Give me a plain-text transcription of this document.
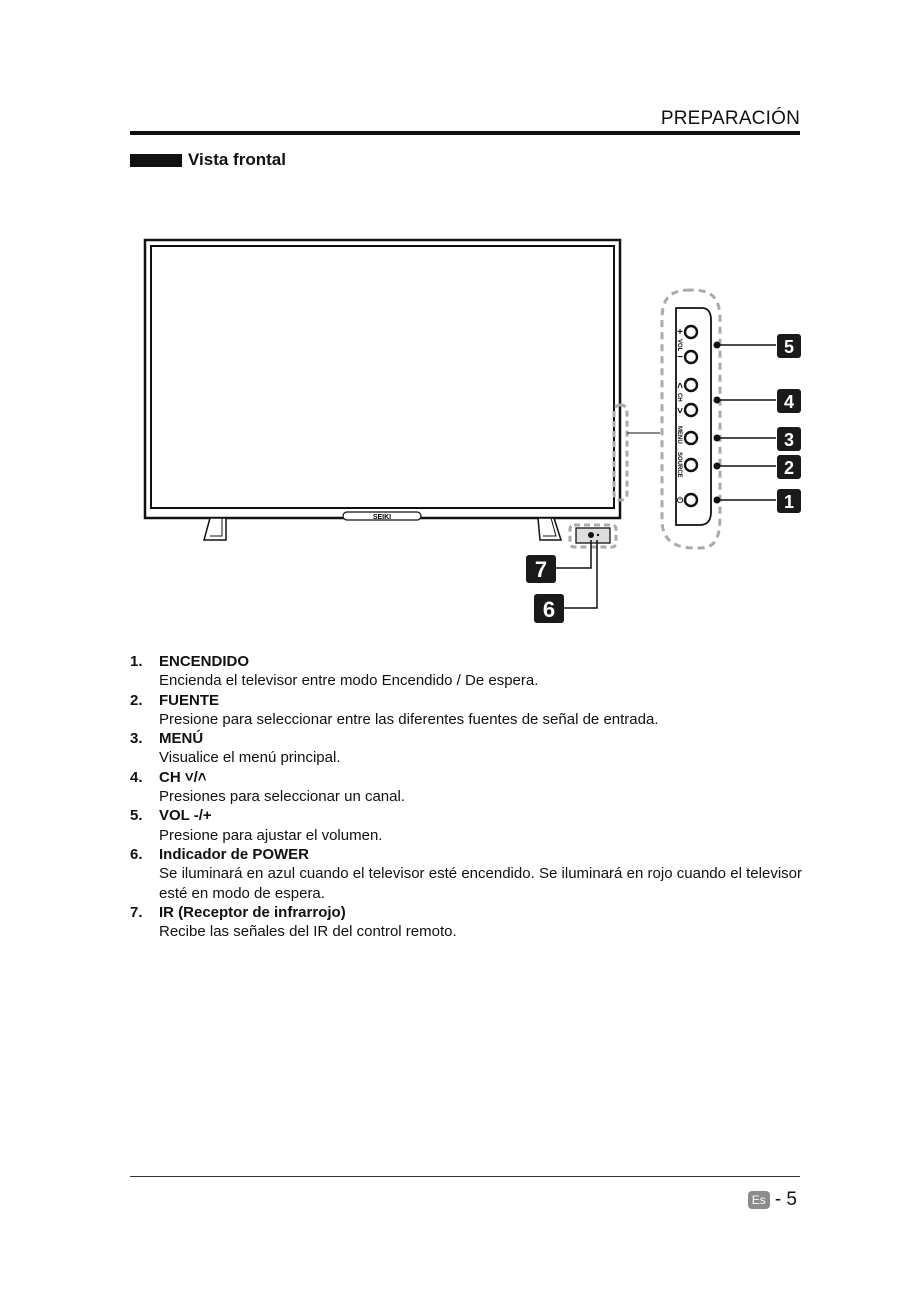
PREPARACIÓN
Vista frontal
SEIKI
+
VOL
−
˄
CH
˅
MENU
SOURCE
⏻
5
4
3
2
1
7
6
1.	ENCENDIDO
Encienda el televisor entre modo Encendido / De espera.
2.	FUENTE
Presione para seleccionar entre las diferentes fuentes de señal de entrada.
3.	MENÚ
Visualice el menú principal.
4.	CH ˅/˄
Presiones para seleccionar un canal.
5.	VOL -/+
Presione para ajustar el volumen.
6.	Indicador de POWER
Se iluminará en azul cuando el televisor esté encendido. Se iluminará en rojo cuando el televisor esté en modo de espera.
7.	IR (Receptor de infrarrojo)
Recibe las señales del IR del control remoto.
Es - 5
